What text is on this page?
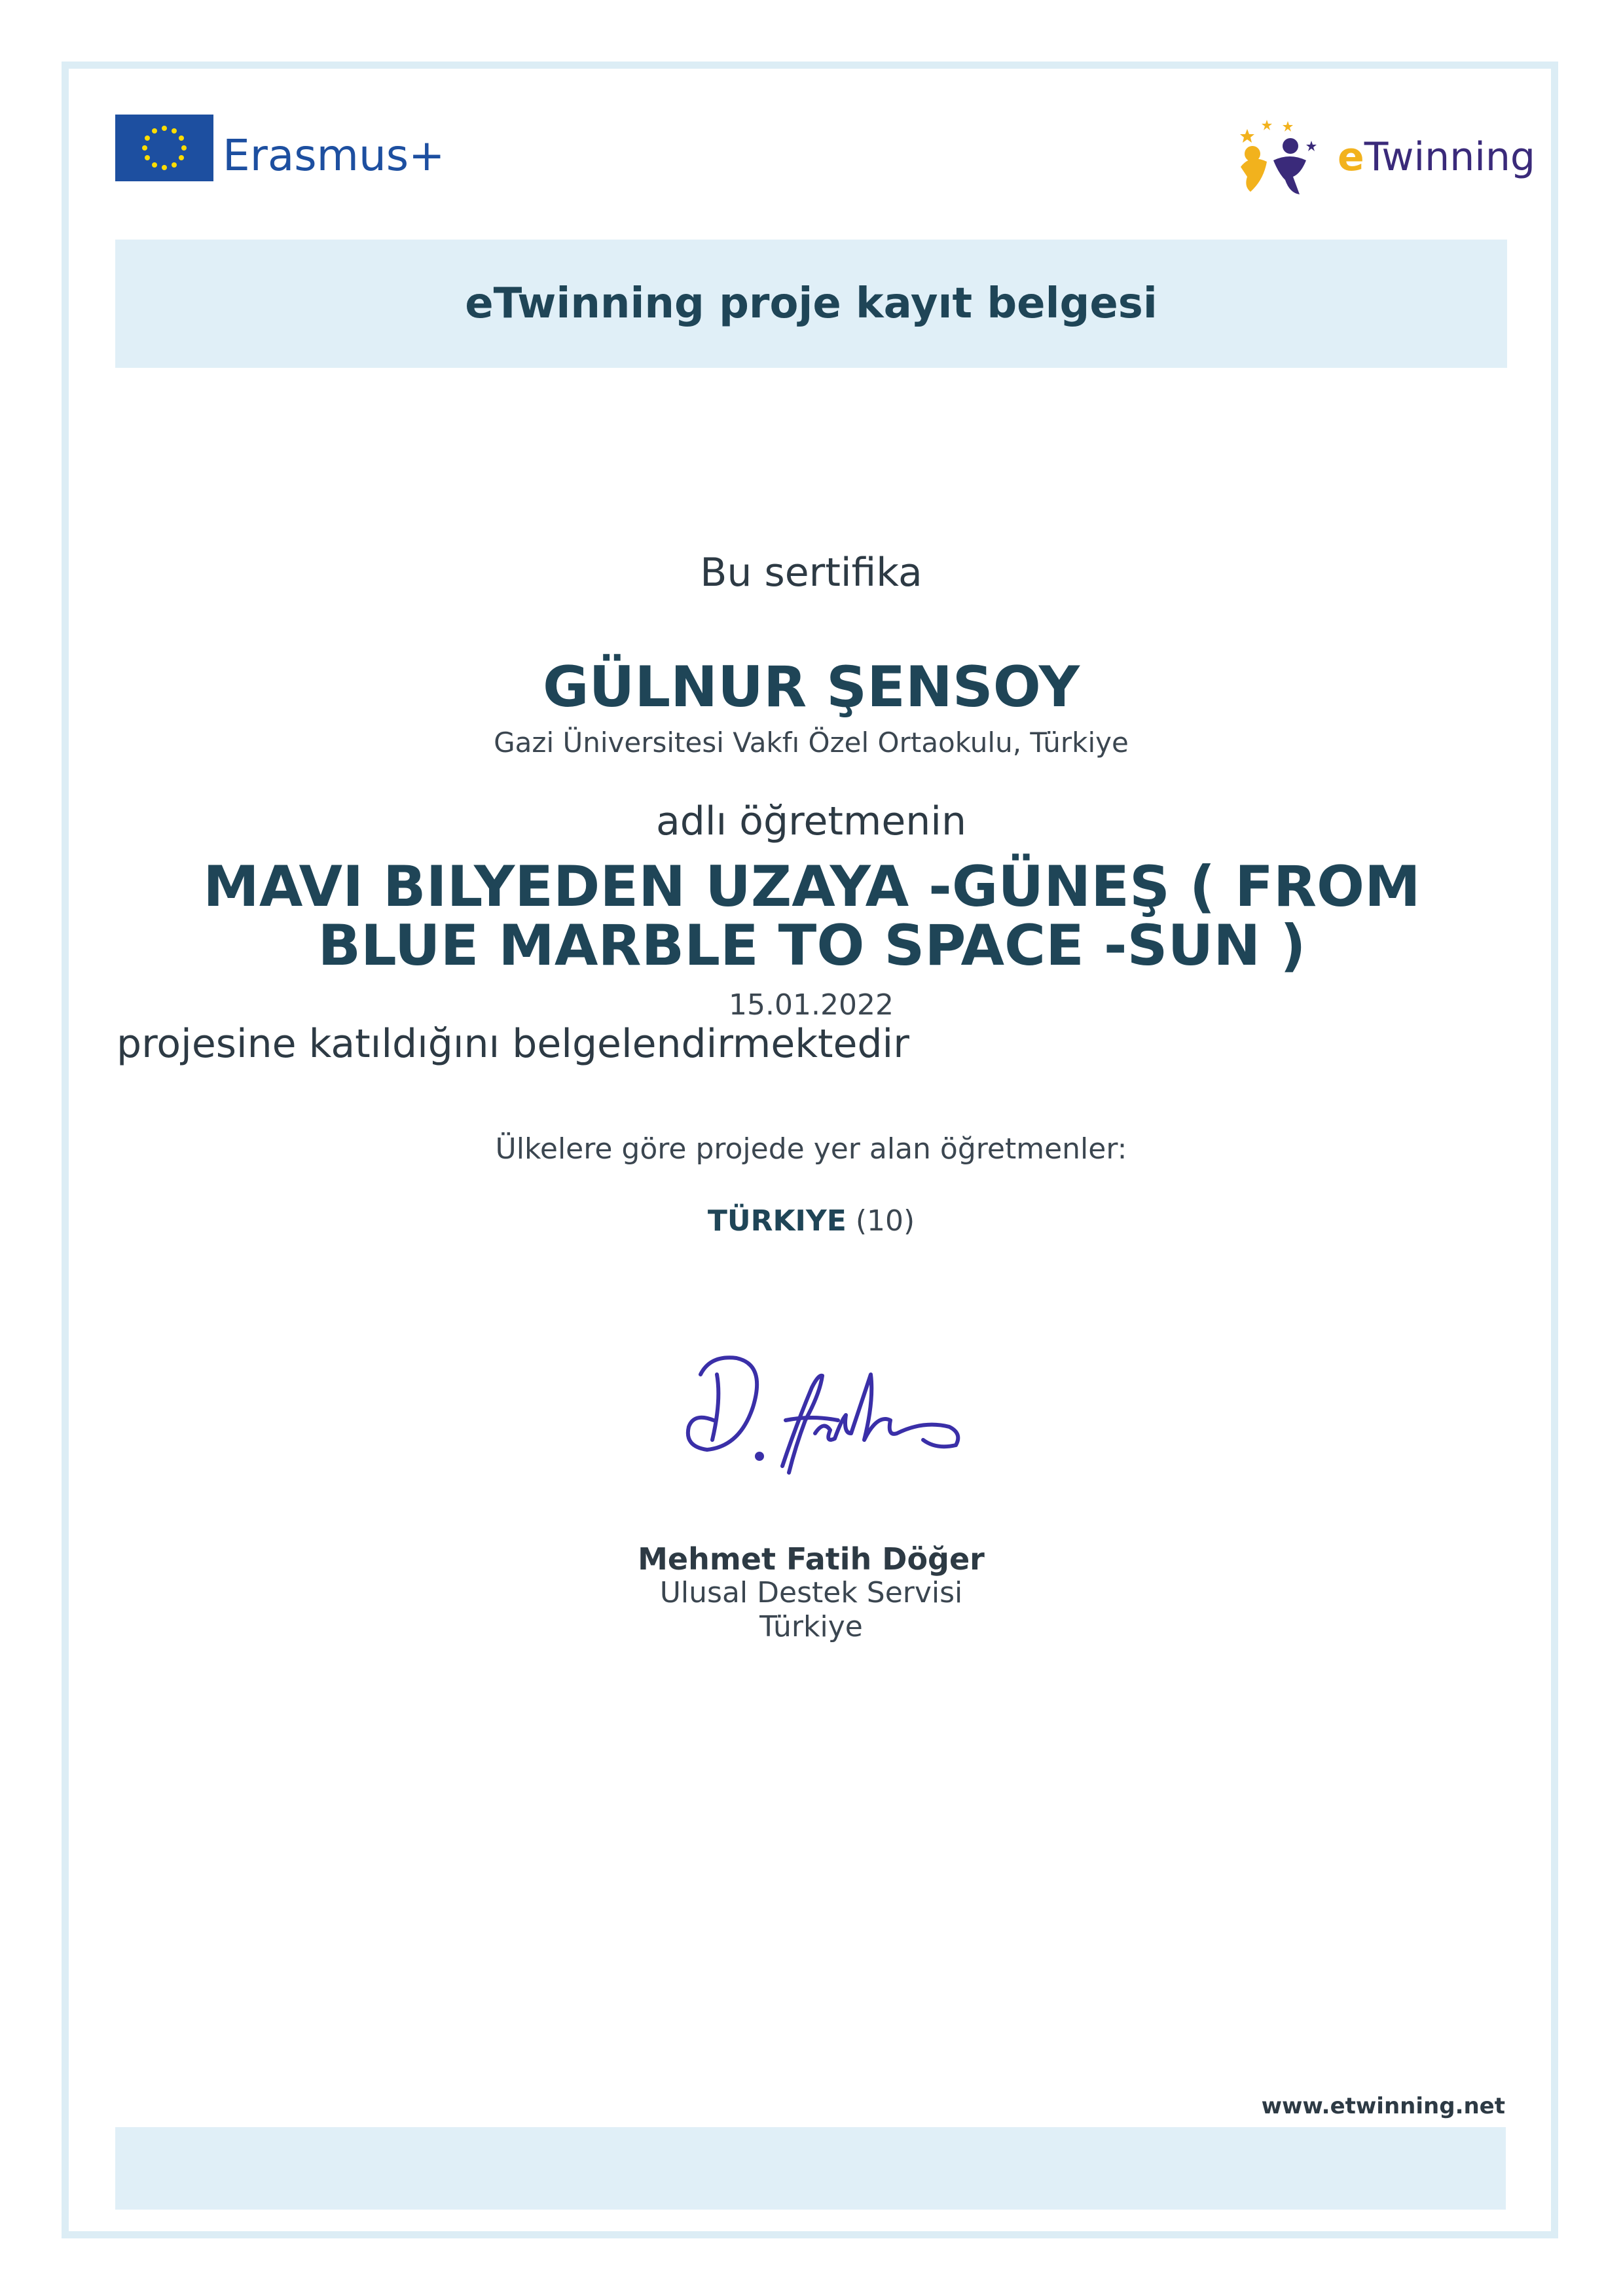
Erasmus+	eTwinning
eTwinning proje kayıt belgesi
Bu sertifika
GÜLNUR ŞENSOY
Gazi Üniversitesi Vakfı Özel Ortaokulu, Türkiye
adlı öğretmenin
MAVI BILYEDEN UZAYA -GÜNEŞ ( FROM BLUE MARBLE TO SPACE -SUN )
15.01.2022
projesine katıldığını belgelendirmektedir
Ülkelere göre projede yer alan öğretmenler:
TÜRKIYE (10)
Mehmet Fatih Döğer
Ulusal Destek Servisi
Türkiye
www.etwinning.net
